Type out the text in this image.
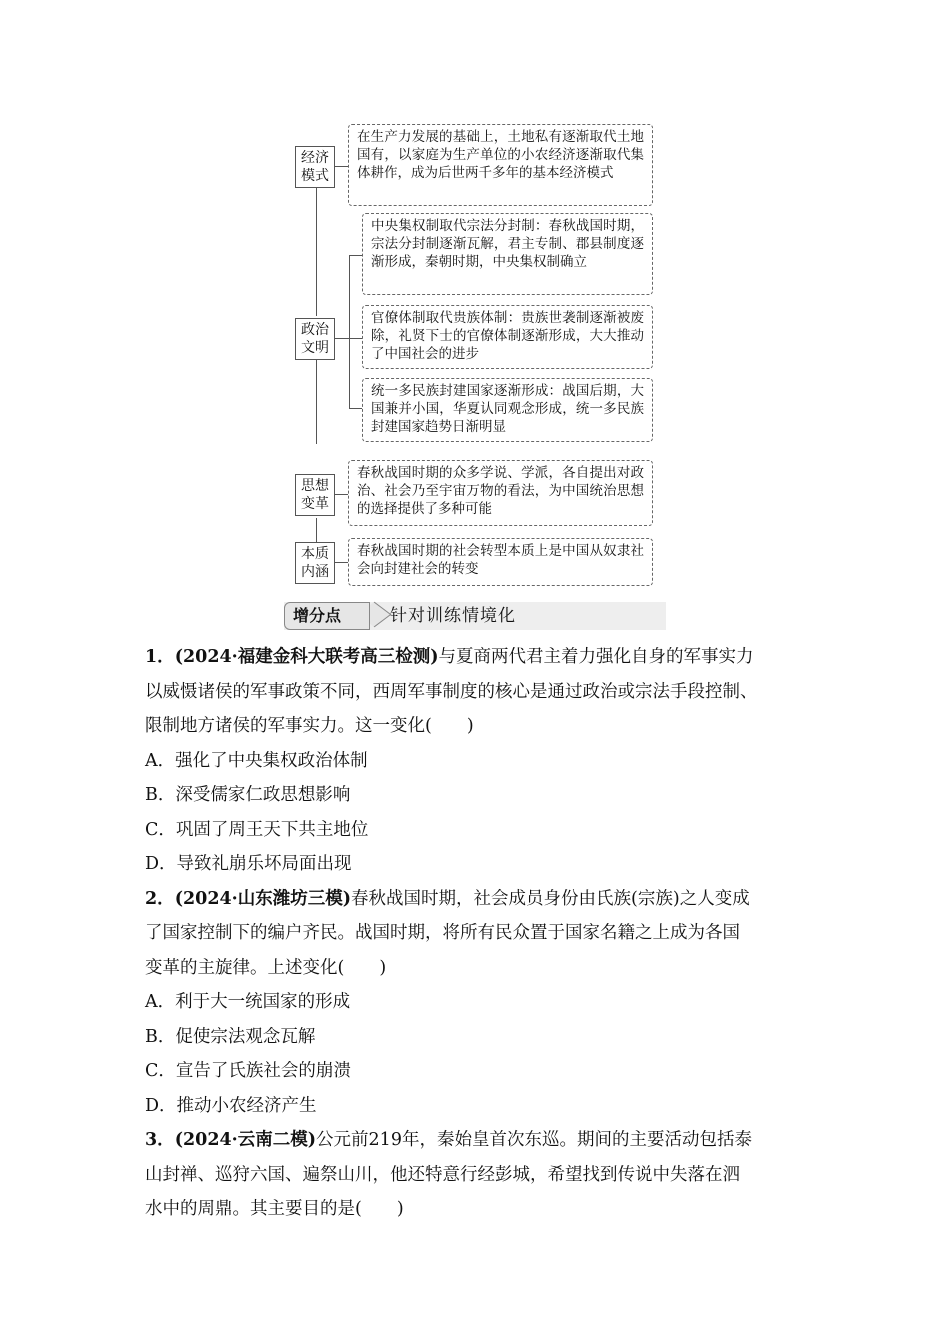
经济
模式
在生产力发展的基础上，土地私有逐渐取代土地国有，以家庭为生产单位的小农经济逐渐取代集体耕作，成为后世两千多年的基本经济模式
政治
文明
中央集权制取代宗法分封制：春秋战国时期，宗法分封制逐渐瓦解，君主专制、郡县制度逐渐形成，秦朝时期，中央集权制确立
官僚体制取代贵族体制：贵族世袭制逐渐被废除，礼贤下士的官僚体制逐渐形成，大大推动了中国社会的进步
统一多民族封建国家逐渐形成：战国后期，大国兼并小国，华夏认同观念形成，统一多民族封建国家趋势日渐明显
思想
变革
春秋战国时期的众多学说、学派，各自提出对政治、社会乃至宇宙万物的看法，为中国统治思想的选择提供了多种可能
本质
内涵
春秋战国时期的社会转型本质上是中国从奴隶社会向封建社会的转变
增分点	针对训练情境化
1．(2024·福建金科大联考高三检测)与夏商两代君主着力强化自身的军事实力
以威慑诸侯的军事政策不同，西周军事制度的核心是通过政治或宗法手段控制、
限制地方诸侯的军事实力。这一变化(　　)
A．强化了中央集权政治体制
B．深受儒家仁政思想影响
C．巩固了周王天下共主地位
D．导致礼崩乐坏局面出现
2．(2024·山东潍坊三模)春秋战国时期，社会成员身份由氏族(宗族)之人变成
了国家控制下的编户齐民。战国时期，将所有民众置于国家名籍之上成为各国
变革的主旋律。上述变化(　　)
A．利于大一统国家的形成
B．促使宗法观念瓦解
C．宣告了氏族社会的崩溃
D．推动小农经济产生
3．(2024·云南二模)公元前219年，秦始皇首次东巡。期间的主要活动包括泰
山封禅、巡狩六国、遍祭山川，他还特意行经彭城，希望找到传说中失落在泗
水中的周鼎。其主要目的是(　　)
